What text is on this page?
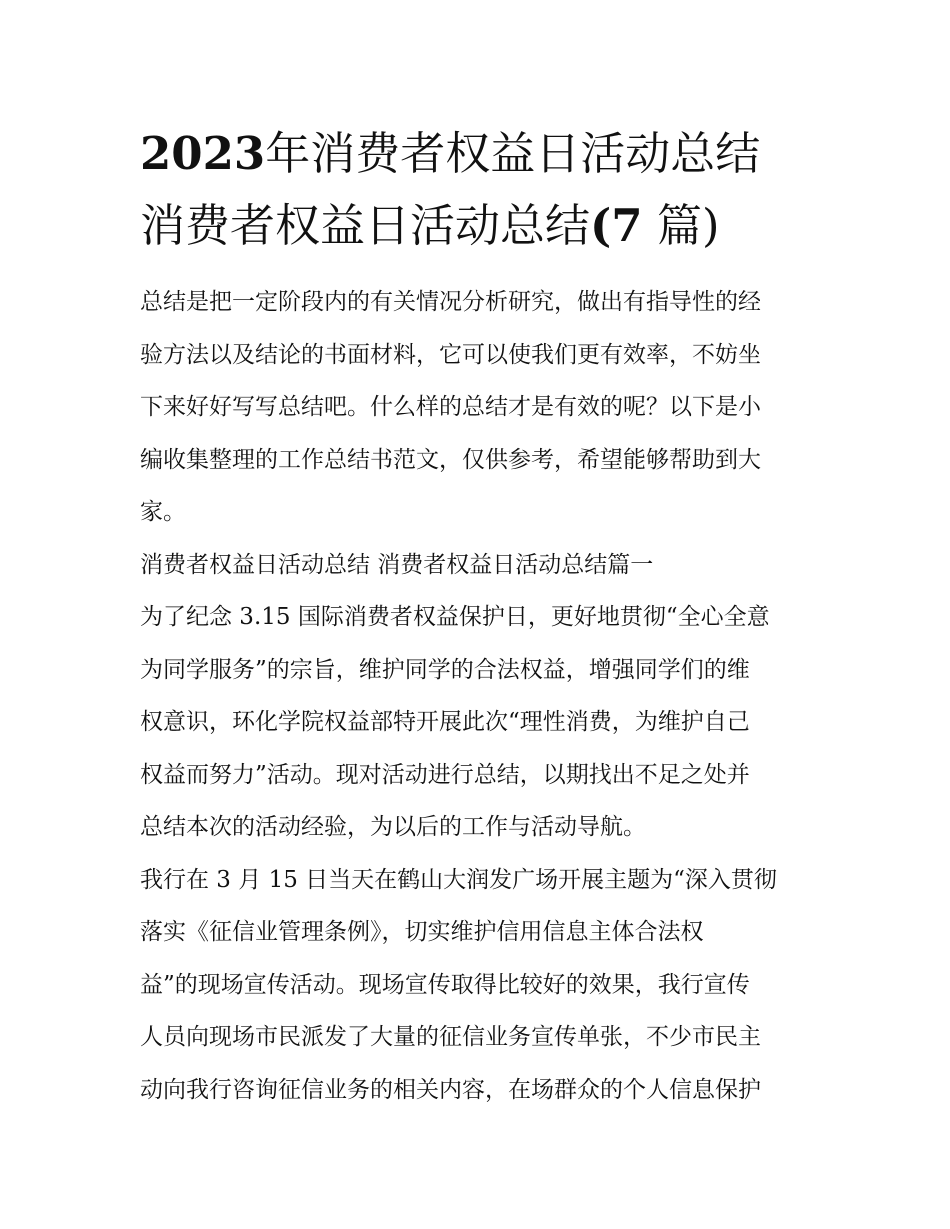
2023年消费者权益日活动总结
消费者权益日活动总结(7 篇)

总结是把一定阶段内的有关情况分析研究，做出有指导性的经
验方法以及结论的书面材料，它可以使我们更有效率，不妨坐
下来好好写写总结吧。什么样的总结才是有效的呢？以下是小
编收集整理的工作总结书范文，仅供参考，希望能够帮助到大
家。

消费者权益日活动总结 消费者权益日活动总结篇一

为了纪念 3.15 国际消费者权益保护日，更好地贯彻“全心全意
为同学服务”的宗旨，维护同学的合法权益，增强同学们的维
权意识，环化学院权益部特开展此次“理性消费，为维护自己
权益而努力”活动。现对活动进行总结，以期找出不足之处并
总结本次的活动经验，为以后的工作与活动导航。

我行在 3 月 15 日当天在鹤山大润发广场开展主题为“深入贯彻
落实《征信业管理条例》，切实维护信用信息主体合法权
益”的现场宣传活动。现场宣传取得比较好的效果，我行宣传
人员向现场市民派发了大量的征信业务宣传单张，不少市民主
动向我行咨询征信业务的相关内容，在场群众的个人信息保护
